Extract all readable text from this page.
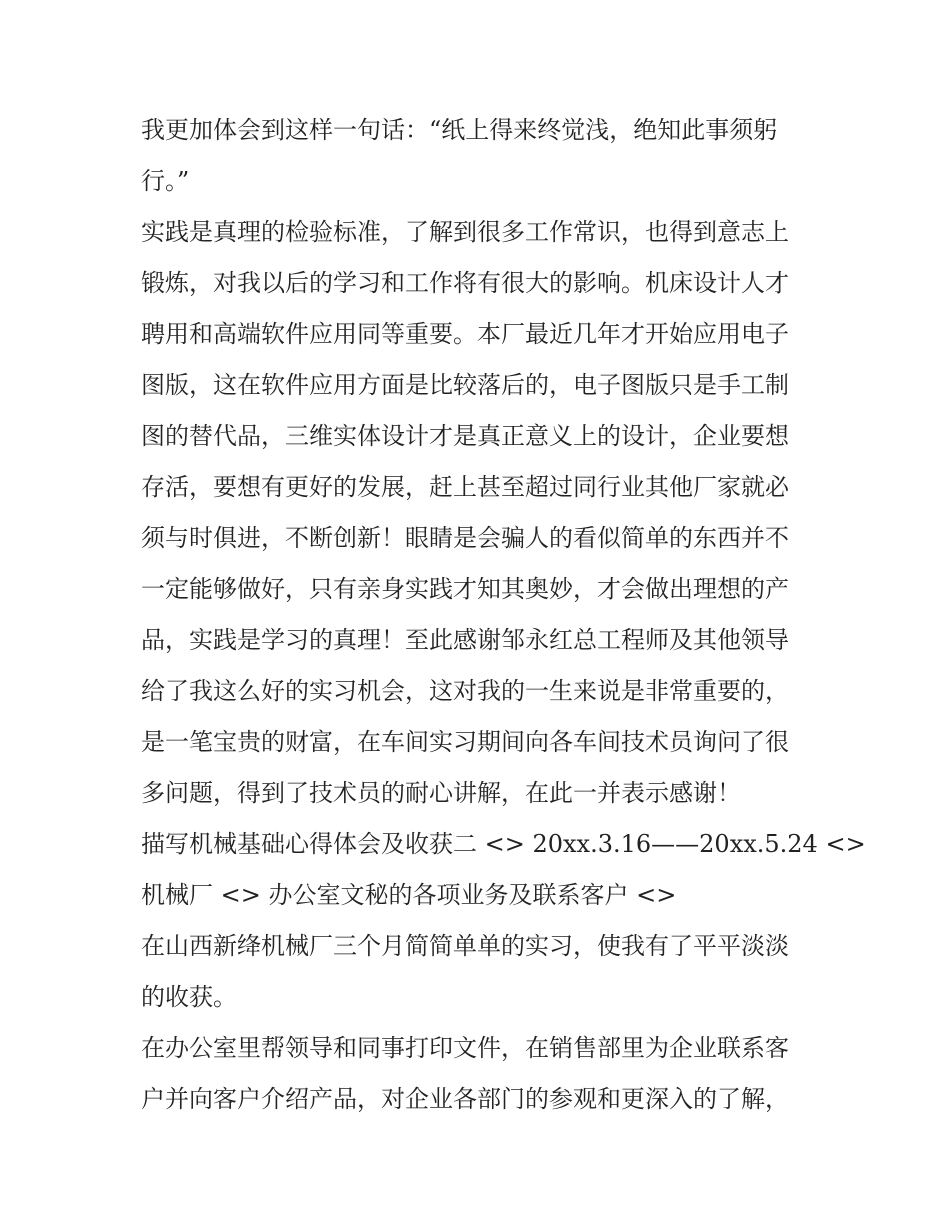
我更加体会到这样一句话：“纸上得来终觉浅，绝知此事须躬
行。”

实践是真理的检验标准，了解到很多工作常识，也得到意志上
锻炼，对我以后的学习和工作将有很大的影响。机床设计人才
聘用和高端软件应用同等重要。本厂最近几年才开始应用电子
图版，这在软件应用方面是比较落后的，电子图版只是手工制
图的替代品，三维实体设计才是真正意义上的设计，企业要想
存活，要想有更好的发展，赶上甚至超过同行业其他厂家就必
须与时俱进，不断创新！眼睛是会骗人的看似简单的东西并不
一定能够做好，只有亲身实践才知其奥妙，才会做出理想的产
品，实践是学习的真理！至此感谢邹永红总工程师及其他领导
给了我这么好的实习机会，这对我的一生来说是非常重要的，
是一笔宝贵的财富，在车间实习期间向各车间技术员询问了很
多问题，得到了技术员的耐心讲解，在此一并表示感谢！

描写机械基础心得体会及收获二 <> 20xx.3.16——20xx.5.24 <>
机械厂 <> 办公室文秘的各项业务及联系客户 <>

在山西新绛机械厂三个月简简单单的实习，使我有了平平淡淡
的收获。

在办公室里帮领导和同事打印文件，在销售部里为企业联系客
户并向客户介绍产品，对企业各部门的参观和更深入的了解，
